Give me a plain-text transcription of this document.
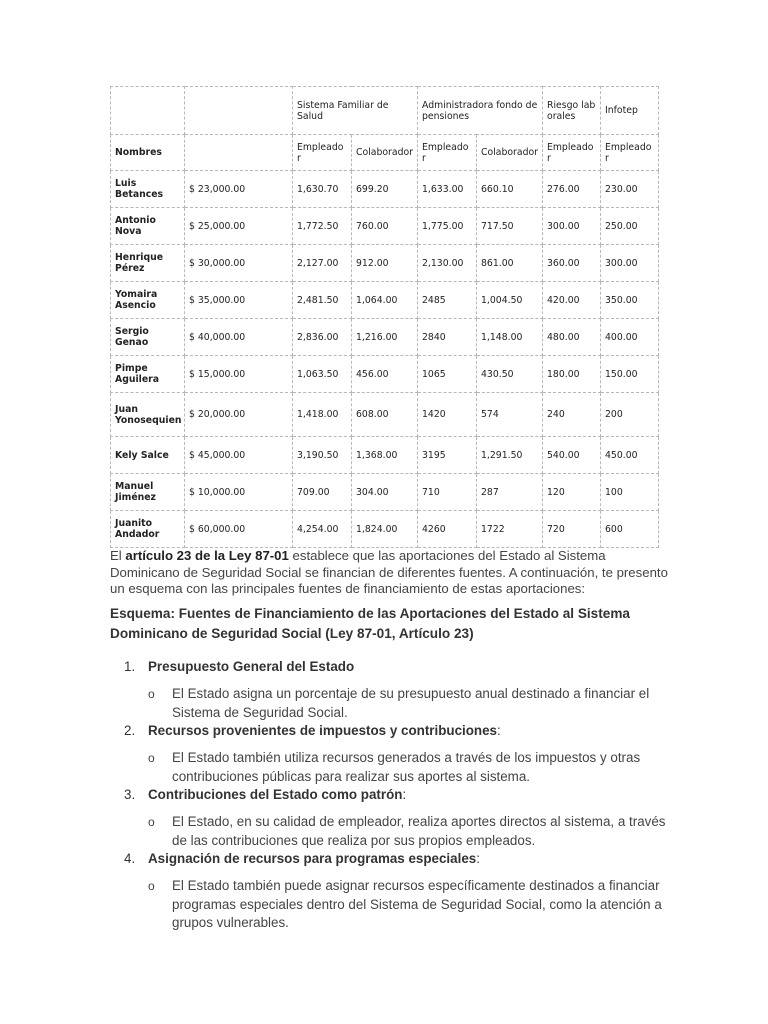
		Sistema Familiar de Salud		Administradora fondo de pensiones		Riesgo laborales	Infotep
Nombres		Empleador	Colaborador	Empleador	Colaborador	Empleador	Empleador
Luis Betances	$ 23,000.00	1,630.70	699.20	1,633.00	660.10	276.00	230.00
Antonio Nova	$ 25,000.00	1,772.50	760.00	1,775.00	717.50	300.00	250.00
Henrique Pérez	$ 30,000.00	2,127.00	912.00	2,130.00	861.00	360.00	300.00
Yomaira Asencio	$ 35,000.00	2,481.50	1,064.00	2485	1,004.50	420.00	350.00
Sergio Genao	$ 40,000.00	2,836.00	1,216.00	2840	1,148.00	480.00	400.00
Pimpe Aguilera	$ 15,000.00	1,063.50	456.00	1065	430.50	180.00	150.00
Juan Yonosequien	$ 20,000.00	1,418.00	608.00	1420	574	240	200
Kely Salce	$ 45,000.00	3,190.50	1,368.00	3195	1,291.50	540.00	450.00
Manuel Jiménez	$ 10,000.00	709.00	304.00	710	287	120	100
Juanito Andador	$ 60,000.00	4,254.00	1,824.00	4260	1722	720	600

El artículo 23 de la Ley 87-01 establece que las aportaciones del Estado al Sistema Dominicano de Seguridad Social se financian de diferentes fuentes. A continuación, te presento un esquema con las principales fuentes de financiamiento de estas aportaciones:

Esquema: Fuentes de Financiamiento de las Aportaciones del Estado al Sistema Dominicano de Seguridad Social (Ley 87-01, Artículo 23)

1. Presupuesto General del Estado
o El Estado asigna un porcentaje de su presupuesto anual destinado a financiar el Sistema de Seguridad Social.
2. Recursos provenientes de impuestos y contribuciones:
o El Estado también utiliza recursos generados a través de los impuestos y otras contribuciones públicas para realizar sus aportes al sistema.
3. Contribuciones del Estado como patrón:
o El Estado, en su calidad de empleador, realiza aportes directos al sistema, a través de las contribuciones que realiza por sus propios empleados.
4. Asignación de recursos para programas especiales:
o El Estado también puede asignar recursos específicamente destinados a financiar programas especiales dentro del Sistema de Seguridad Social, como la atención a grupos vulnerables.
